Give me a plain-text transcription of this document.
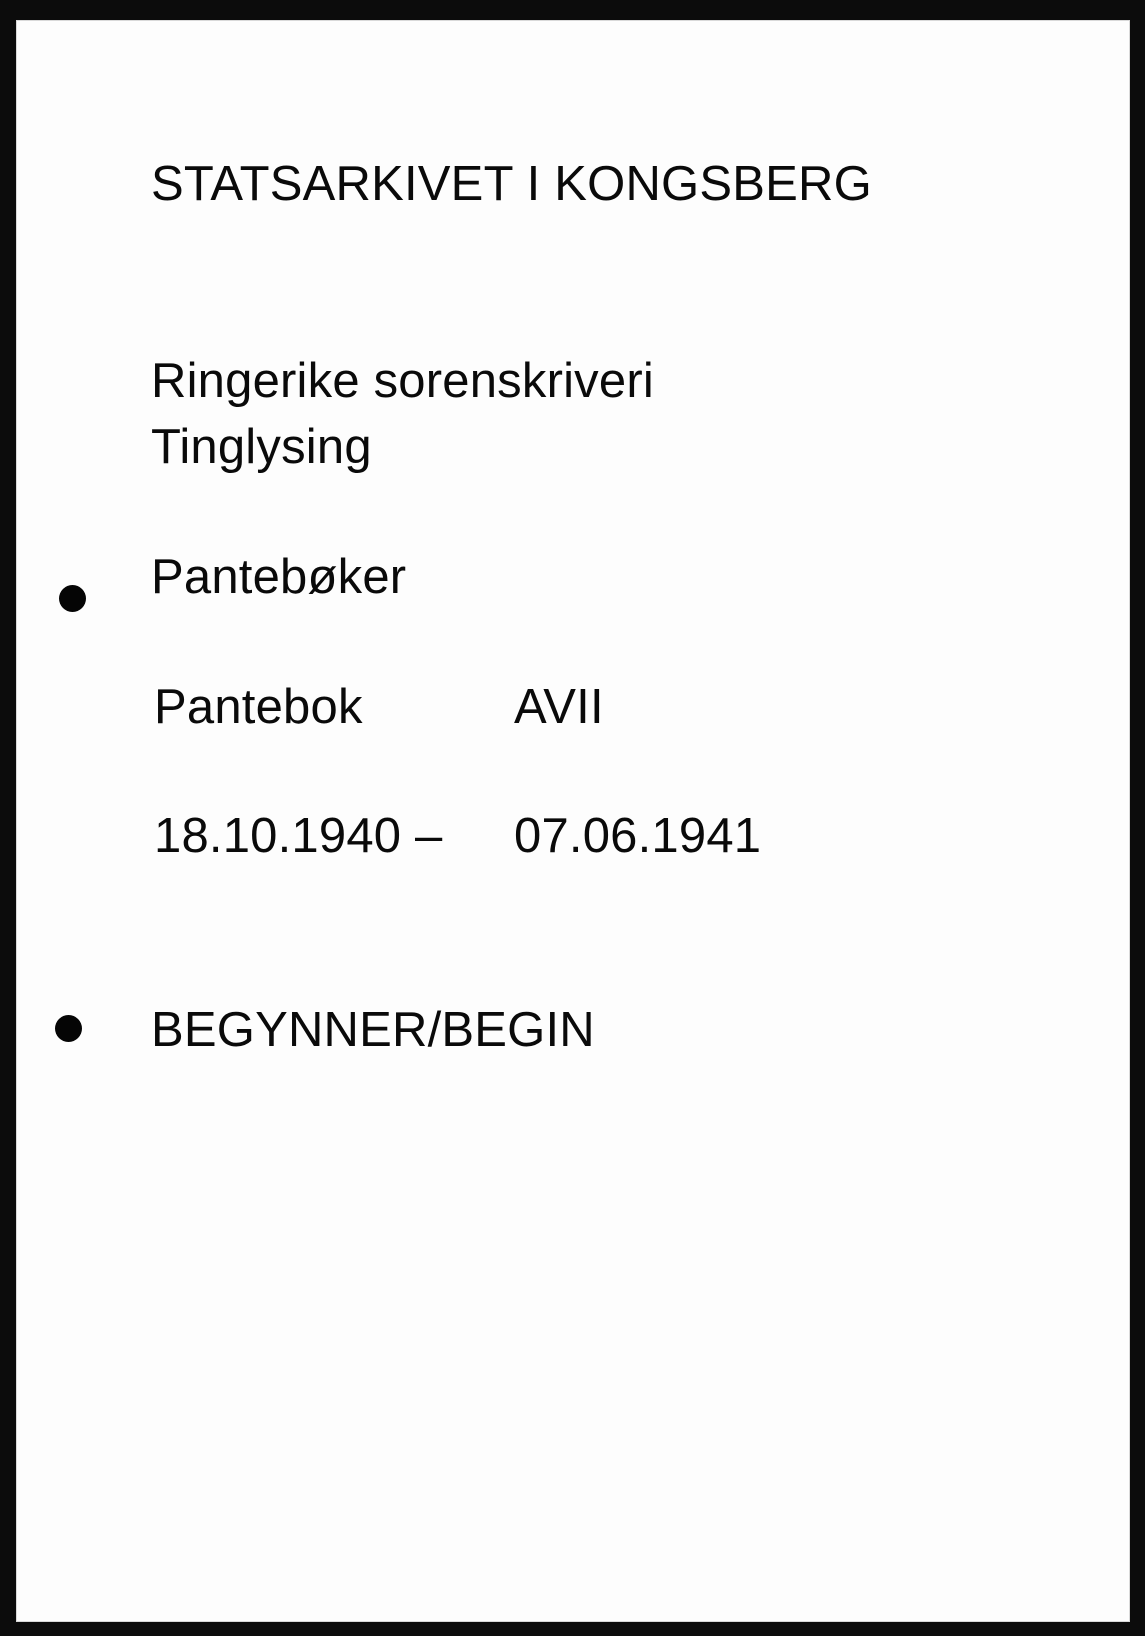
STATSARKIVET I KONGSBERG
Ringerike sorenskriveri
Tinglysing
Pantebøker
Pantebok	AVII
18.10.1940 – 07.06.1941
BEGYNNER/BEGIN
